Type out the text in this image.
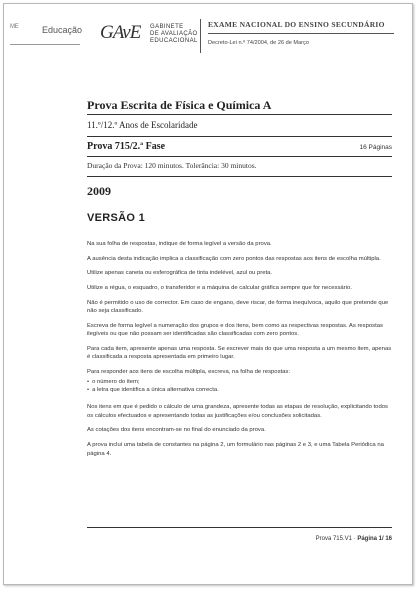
ME	Educação GAvE GABINETE
DE AVALIAÇÃO
EDUCACIONAL
EXAME NACIONAL DO ENSINO SECUNDÁRIO
Decreto-Lei n.º 74/2004, de 26 de Março
Prova Escrita de Física e Química A
11.º/12.º Anos de Escolaridade
Prova 715/2.ª Fase	16 Páginas
Duração da Prova: 120 minutos. Tolerância: 30 minutos.
2009
VERSÃO 1

Na sua folha de respostas, indique de forma legível a versão da prova.

A ausência desta indicação implica a classificação com zero pontos das respostas aos itens de escolha múltipla.

Utilize apenas caneta ou esferográfica de tinta indelével, azul ou preta.

Utilize a régua, o esquadro, o transferidor e a máquina de calcular gráfica sempre que for necessário.

Não é permitido o uso de corrector. Em caso de engano, deve riscar, de forma inequívoca, aquilo que pretende que não seja classificado.

Escreva de forma legível a numeração dos grupos e dos itens, bem como as respectivas respostas. As respostas ilegíveis ou que não possam ser identificadas são classificadas com zero pontos.

Para cada item, apresente apenas uma resposta. Se escrever mais do que uma resposta a um mesmo item, apenas é classificada a resposta apresentada em primeiro lugar.

Para responder aos itens de escolha múltipla, escreva, na folha de respostas:

• o número do item;
• a letra que identifica a única alternativa correcta.

Nos itens em que é pedido o cálculo de uma grandeza, apresente todas as etapas de resolução, explicitando todos os cálculos efectuados e apresentando todas as justificações e/ou conclusões solicitadas.

As cotações dos itens encontram-se no final do enunciado da prova.

A prova inclui uma tabela de constantes na página 2, um formulário nas páginas 2 e 3, e uma Tabela Periódica na página 4.

Prova 715.V1 · Página 1/ 16
